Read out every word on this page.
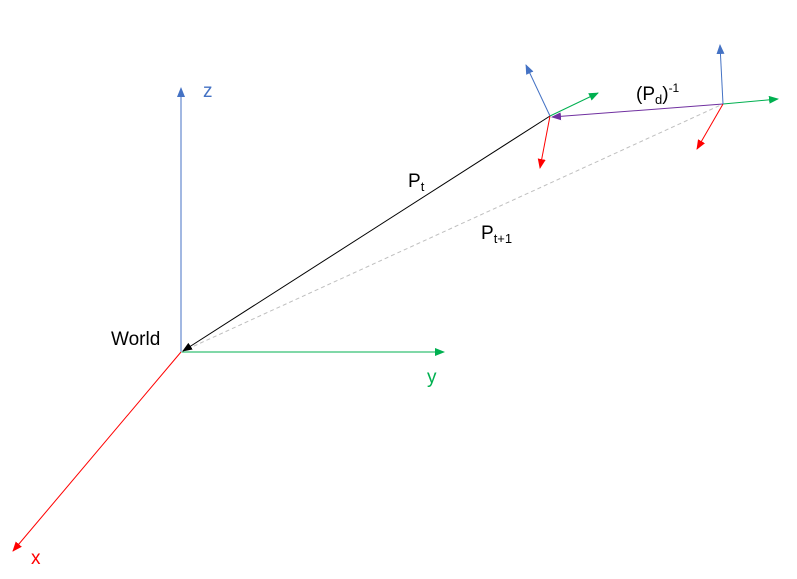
World
z
y
x
$P_t$
$P_{t+1}$
$(P_d)^{-1}$
